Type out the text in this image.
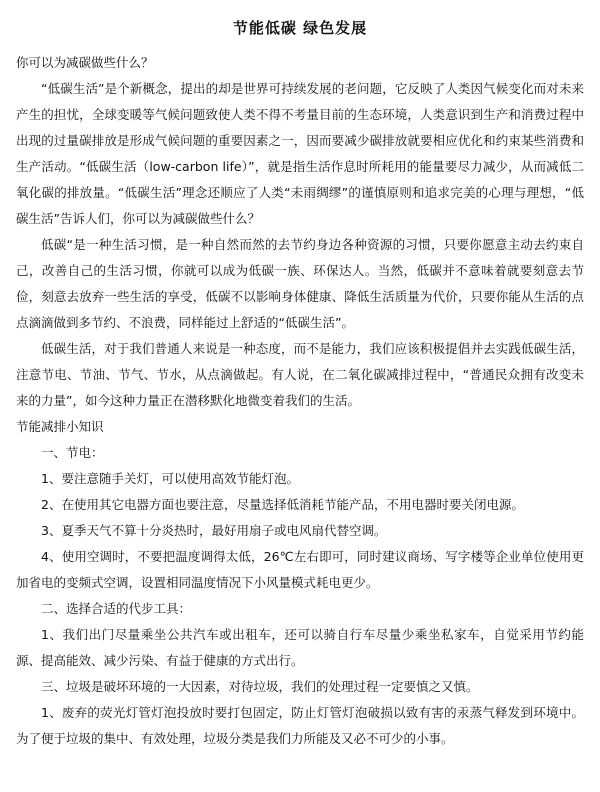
节能低碳 绿色发展

你可以为减碳做些什么？

“低碳生活”是个新概念，提出的却是世界可持续发展的老问题，它反映了人类因气候变化而对未来产生的担忧，全球变暖等气候问题致使人类不得不考量目前的生态环境，人类意识到生产和消费过程中出现的过量碳排放是形成气候问题的重要因素之一，因而要减少碳排放就要相应优化和约束某些消费和生产活动。“低碳生活（low-carbon life）”，就是指生活作息时所耗用的能量要尽力减少，从而减低二氧化碳的排放量。“低碳生活”理念还顺应了人类“未雨绸缪”的谨慎原则和追求完美的心理与理想，“低碳生活”告诉人们，你可以为减碳做些什么？

低碳“是一种生活习惯，是一种自然而然的去节约身边各种资源的习惯，只要你愿意主动去约束自己，改善自己的生活习惯，你就可以成为低碳一族、环保达人。当然，低碳并不意味着就要刻意去节俭，刻意去放弃一些生活的享受，低碳不以影响身体健康、降低生活质量为代价，只要你能从生活的点点滴滴做到多节约、不浪费，同样能过上舒适的“低碳生活”。

低碳生活，对于我们普通人来说是一种态度，而不是能力，我们应该积极提倡并去实践低碳生活，注意节电、节油、节气、节水，从点滴做起。有人说，在二氧化碳减排过程中，“普通民众拥有改变未来的力量”，如今这种力量正在潜移默化地微变着我们的生活。

节能减排小知识

一、节电：

1、要注意随手关灯，可以使用高效节能灯泡。

2、在使用其它电器方面也要注意，尽量选择低消耗节能产品，不用电器时要关闭电源。

3、夏季天气不算十分炎热时，最好用扇子或电风扇代替空调。

4、使用空调时，不要把温度调得太低，26℃左右即可，同时建议商场、写字楼等企业单位使用更加省电的变频式空调，设置相同温度情况下小风量模式耗电更少。

二、选择合适的代步工具：

1、我们出门尽量乘坐公共汽车或出租车，还可以骑自行车尽量少乘坐私家车，自觉采用节约能源、提高能效、减少污染、有益于健康的方式出行。

三、垃圾是破坏环境的一大因素，对待垃圾，我们的处理过程一定要慎之又慎。

1、废弃的荧光灯管灯泡投放时要打包固定，防止灯管灯泡破损以致有害的汞蒸气释发到环境中。为了便于垃圾的集中、有效处理，垃圾分类是我们力所能及又必不可少的小事。
